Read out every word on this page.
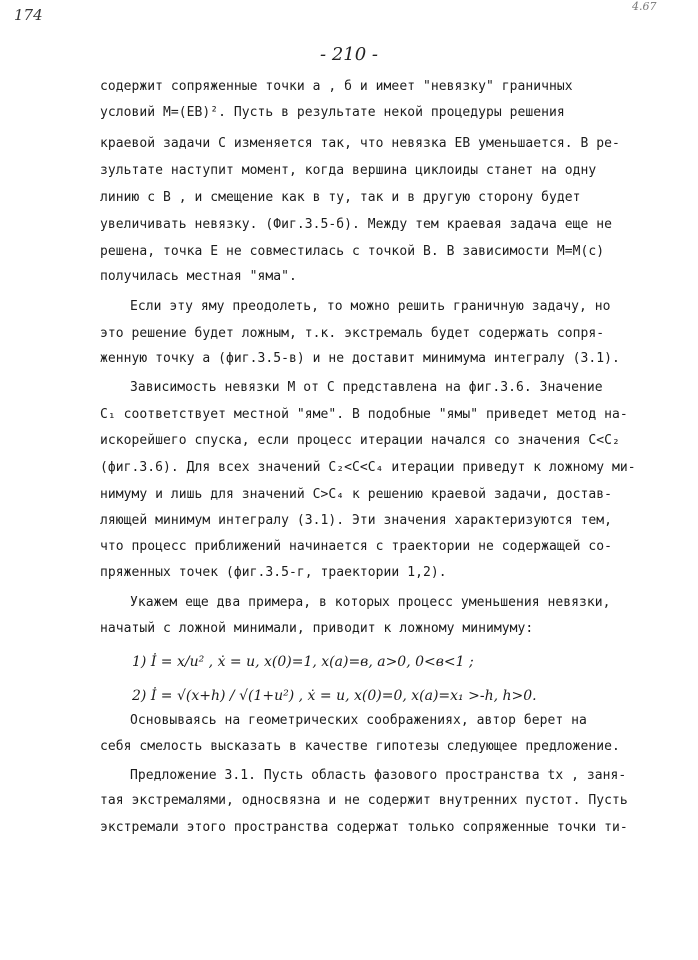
174	4.67
- 210 -
содержит сопряженные точки a , б и имеет "невязку" граничных
условий M=(EB)². Пусть в результате некой процедуры решения
краевой задачи C изменяется так, что невязка EB уменьшается. В ре-
зультате наступит момент, когда вершина циклоиды станет на одну
линию с B , и смещение как в ту, так и в другую сторону будет
увеличивать невязку. (Фиг.3.5-б). Между тем краевая задача еще не
решена, точка E не совместилась с точкой B. В зависимости M=M(c)
получилась местная "яма".
Если эту яму преодолеть, то можно решить граничную задачу, но
это решение будет ложным, т.к. экстремаль будет содержать сопря-
женную точку a (фиг.3.5-в) и не доставит минимума интегралу (3.1).
Зависимость невязки M от C представлена на фиг.3.6. Значение
C₁ соответствует местной "яме". В подобные "ямы" приведет метод на-
искорейшего спуска, если процесс итерации начался со значения C<C₂
(фиг.3.6). Для всех значений C₂<C<C₄ итерации приведут к ложному ми-
нимуму и лишь для значений C>C₄ к решению краевой задачи, достав-
ляющей минимум интегралу (3.1). Эти значения характеризуются тем,
что процесс приближений начинается с траектории не содержащей со-
пряженных точек (фиг.3.5-г, траектории 1,2).
Укажем еще два примера, в которых процесс уменьшения невязки,
начатый с ложной минимали, приводит к ложному минимуму:
1) İ = x/u² , ẋ = u, x(0)=1, x(a)=в, a>0, 0<в<1 ;
2) İ = √(x+h) / √(1+u²) , ẋ = u, x(0)=0, x(a)=x₁ >-h, h>0.
Основываясь на геометрических соображениях, автор берет на
себя смелость высказать в качестве гипотезы следующее предложение.
Предложение 3.1. Пусть область фазового пространства tx , заня-
тая экстремалями, односвязна и не содержит внутренних пустот. Пусть
экстремали этого пространства содержат только сопряженные точки ти-
